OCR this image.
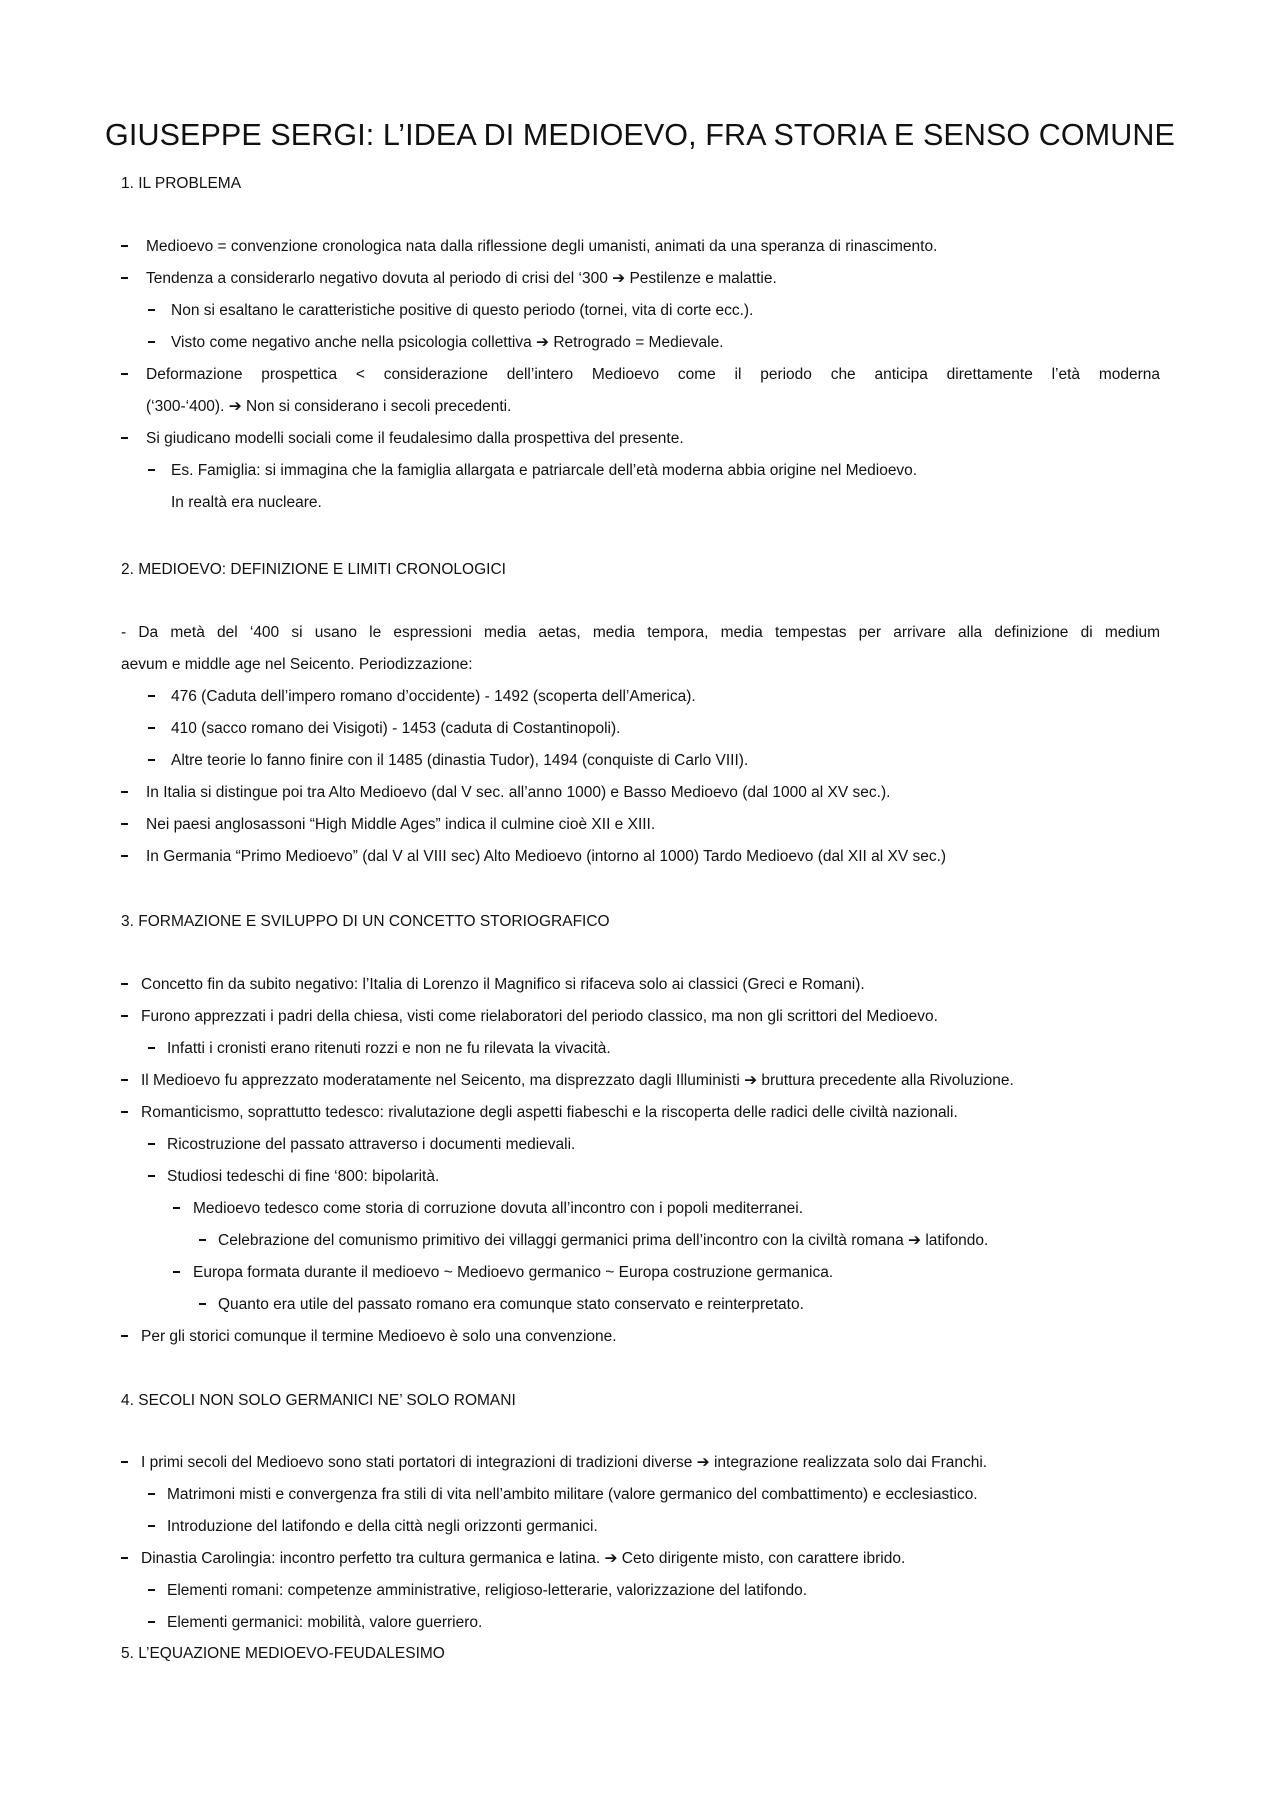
GIUSEPPE SERGI: L’IDEA DI MEDIOEVO, FRA STORIA E SENSO COMUNE
1. IL PROBLEMA
Medioevo = convenzione cronologica nata dalla riflessione degli umanisti, animati da una speranza di rinascimento.
Tendenza a considerarlo negativo dovuta al periodo di crisi del ‘300 ➔ Pestilenze e malattie.
Non si esaltano le caratteristiche positive di questo periodo (tornei, vita di corte ecc.).
Visto come negativo anche nella psicologia collettiva ➔ Retrogrado = Medievale.
Deformazione prospettica < considerazione dell’intero Medioevo come il periodo che anticipa direttamente l’età moderna
(‘300-‘400). ➔ Non si considerano i secoli precedenti.
Si giudicano modelli sociali come il feudalesimo dalla prospettiva del presente.
Es. Famiglia: si immagina che la famiglia allargata e patriarcale dell’età moderna abbia origine nel Medioevo.
In realtà era nucleare.
2. MEDIOEVO: DEFINIZIONE E LIMITI CRONOLOGICI
- Da metà del ‘400 si usano le espressioni media aetas, media tempora, media tempestas per arrivare alla definizione di medium
aevum e middle age nel Seicento. Periodizzazione:
476 (Caduta dell’impero romano d’occidente) - 1492 (scoperta dell’America).
410 (sacco romano dei Visigoti) - 1453 (caduta di Costantinopoli).
Altre teorie lo fanno finire con il 1485 (dinastia Tudor), 1494 (conquiste di Carlo VIII).
In Italia si distingue poi tra Alto Medioevo (dal V sec. all’anno 1000) e Basso Medioevo (dal 1000 al XV sec.).
Nei paesi anglosassoni “High Middle Ages” indica il culmine cioè XII e XIII.
In Germania “Primo Medioevo” (dal V al VIII sec) Alto Medioevo (intorno al 1000) Tardo Medioevo (dal XII al XV sec.)
3. FORMAZIONE E SVILUPPO DI UN CONCETTO STORIOGRAFICO
Concetto fin da subito negativo: l’Italia di Lorenzo il Magnifico si rifaceva solo ai classici (Greci e Romani).
Furono apprezzati i padri della chiesa, visti come rielaboratori del periodo classico, ma non gli scrittori del Medioevo.
Infatti i cronisti erano ritenuti rozzi e non ne fu rilevata la vivacità.
Il Medioevo fu apprezzato moderatamente nel Seicento, ma disprezzato dagli Illuministi ➔ bruttura precedente alla Rivoluzione.
Romanticismo, soprattutto tedesco: rivalutazione degli aspetti fiabeschi e la riscoperta delle radici delle civiltà nazionali.
Ricostruzione del passato attraverso i documenti medievali.
Studiosi tedeschi di fine ‘800: bipolarità.
Medioevo tedesco come storia di corruzione dovuta all’incontro con i popoli mediterranei.
Celebrazione del comunismo primitivo dei villaggi germanici prima dell’incontro con la civiltà romana ➔ latifondo.
Europa formata durante il medioevo ~ Medioevo germanico ~ Europa costruzione germanica.
Quanto era utile del passato romano era comunque stato conservato e reinterpretato.
Per gli storici comunque il termine Medioevo è solo una convenzione.
4. SECOLI NON SOLO GERMANICI NE’ SOLO ROMANI
I primi secoli del Medioevo sono stati portatori di integrazioni di tradizioni diverse ➔ integrazione realizzata solo dai Franchi.
Matrimoni misti e convergenza fra stili di vita nell’ambito militare (valore germanico del combattimento) e ecclesiastico.
Introduzione del latifondo e della città negli orizzonti germanici.
Dinastia Carolingia: incontro perfetto tra cultura germanica e latina. ➔ Ceto dirigente misto, con carattere ibrido.
Elementi romani: competenze amministrative, religioso-letterarie, valorizzazione del latifondo.
Elementi germanici: mobilità, valore guerriero.
5. L’EQUAZIONE MEDIOEVO-FEUDALESIMO
